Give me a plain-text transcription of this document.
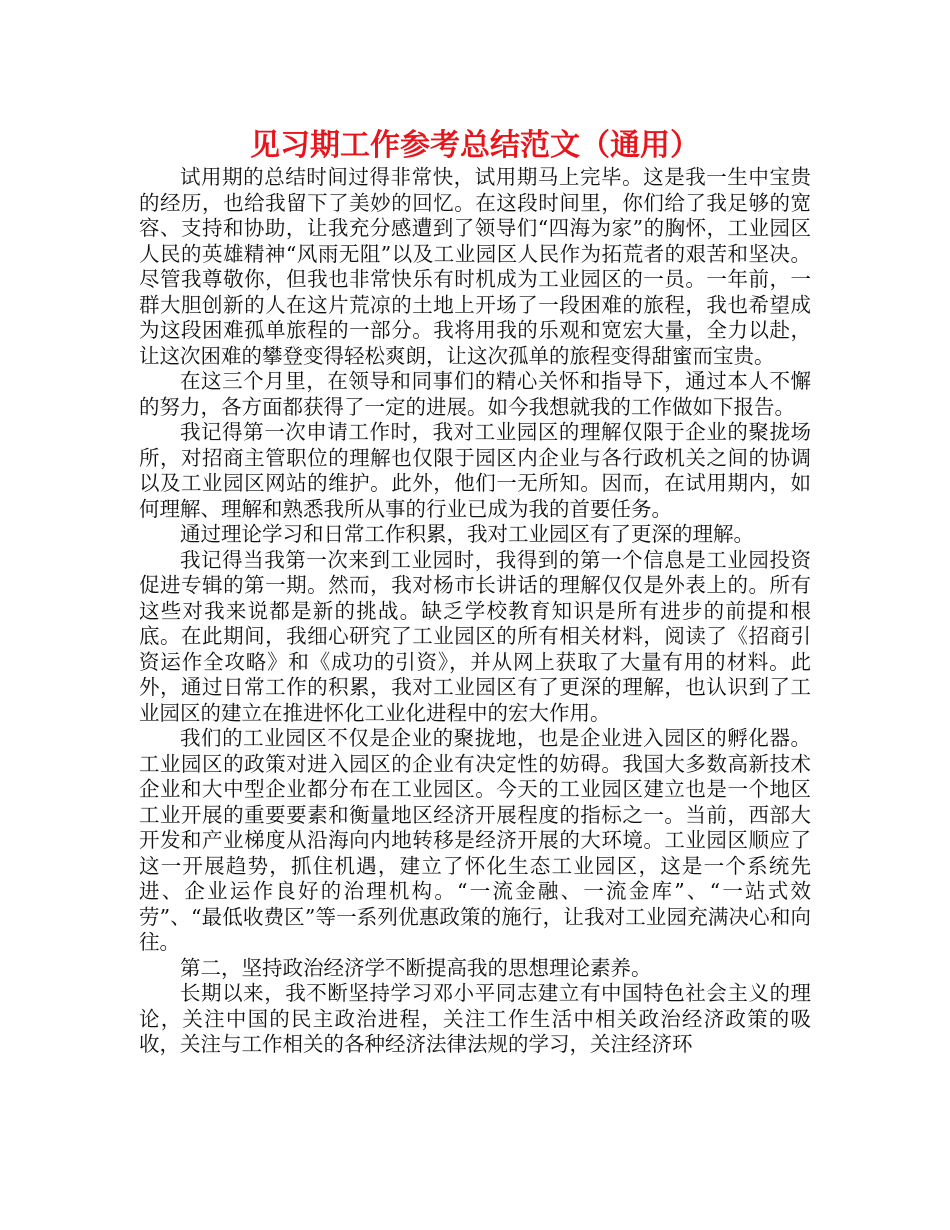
见习期工作参考总结范文（通用）

试用期的总结时间过得非常快，试用期马上完毕。这是我一生中宝贵的经历，也给我留下了美妙的回忆。在这段时间里，你们给了我足够的宽容、支持和协助，让我充分感遭到了领导们“四海为家”的胸怀，工业园区人民的英雄精神“风雨无阻”以及工业园区人民作为拓荒者的艰苦和坚决。尽管我尊敬你，但我也非常快乐有时机成为工业园区的一员。一年前，一群大胆创新的人在这片荒凉的土地上开场了一段困难的旅程，我也希望成为这段困难孤单旅程的一部分。我将用我的乐观和宽宏大量，全力以赴，让这次困难的攀登变得轻松爽朗，让这次孤单的旅程变得甜蜜而宝贵。

在这三个月里，在领导和同事们的精心关怀和指导下，通过本人不懈的努力，各方面都获得了一定的进展。如今我想就我的工作做如下报告。

我记得第一次申请工作时，我对工业园区的理解仅限于企业的聚拢场所，对招商主管职位的理解也仅限于园区内企业与各行政机关之间的协调以及工业园区网站的维护。此外，他们一无所知。因而，在试用期内，如何理解、理解和熟悉我所从事的行业已成为我的首要任务。

通过理论学习和日常工作积累，我对工业园区有了更深的理解。

我记得当我第一次来到工业园时，我得到的第一个信息是工业园投资促进专辑的第一期。然而，我对杨市长讲话的理解仅仅是外表上的。所有这些对我来说都是新的挑战。缺乏学校教育知识是所有进步的前提和根底。在此期间，我细心研究了工业园区的所有相关材料，阅读了《招商引资运作全攻略》和《成功的引资》，并从网上获取了大量有用的材料。此外，通过日常工作的积累，我对工业园区有了更深的理解，也认识到了工业园区的建立在推进怀化工业化进程中的宏大作用。

我们的工业园区不仅是企业的聚拢地，也是企业进入园区的孵化器。工业园区的政策对进入园区的企业有决定性的妨碍。我国大多数高新技术企业和大中型企业都分布在工业园区。今天的工业园区建立也是一个地区工业开展的重要要素和衡量地区经济开展程度的指标之一。当前，西部大开发和产业梯度从沿海向内地转移是经济开展的大环境。工业园区顺应了这一开展趋势，抓住机遇，建立了怀化生态工业园区，这是一个系统先进、企业运作良好的治理机构。“一流金融、一流金库”、“一站式效劳”、“最低收费区”等一系列优惠政策的施行，让我对工业园充满决心和向往。

第二，坚持政治经济学不断提高我的思想理论素养。

长期以来，我不断坚持学习邓小平同志建立有中国特色社会主义的理论，关注中国的民主政治进程，关注工作生活中相关政治经济政策的吸收，关注与工作相关的各种经济法律法规的学习，关注经济环
